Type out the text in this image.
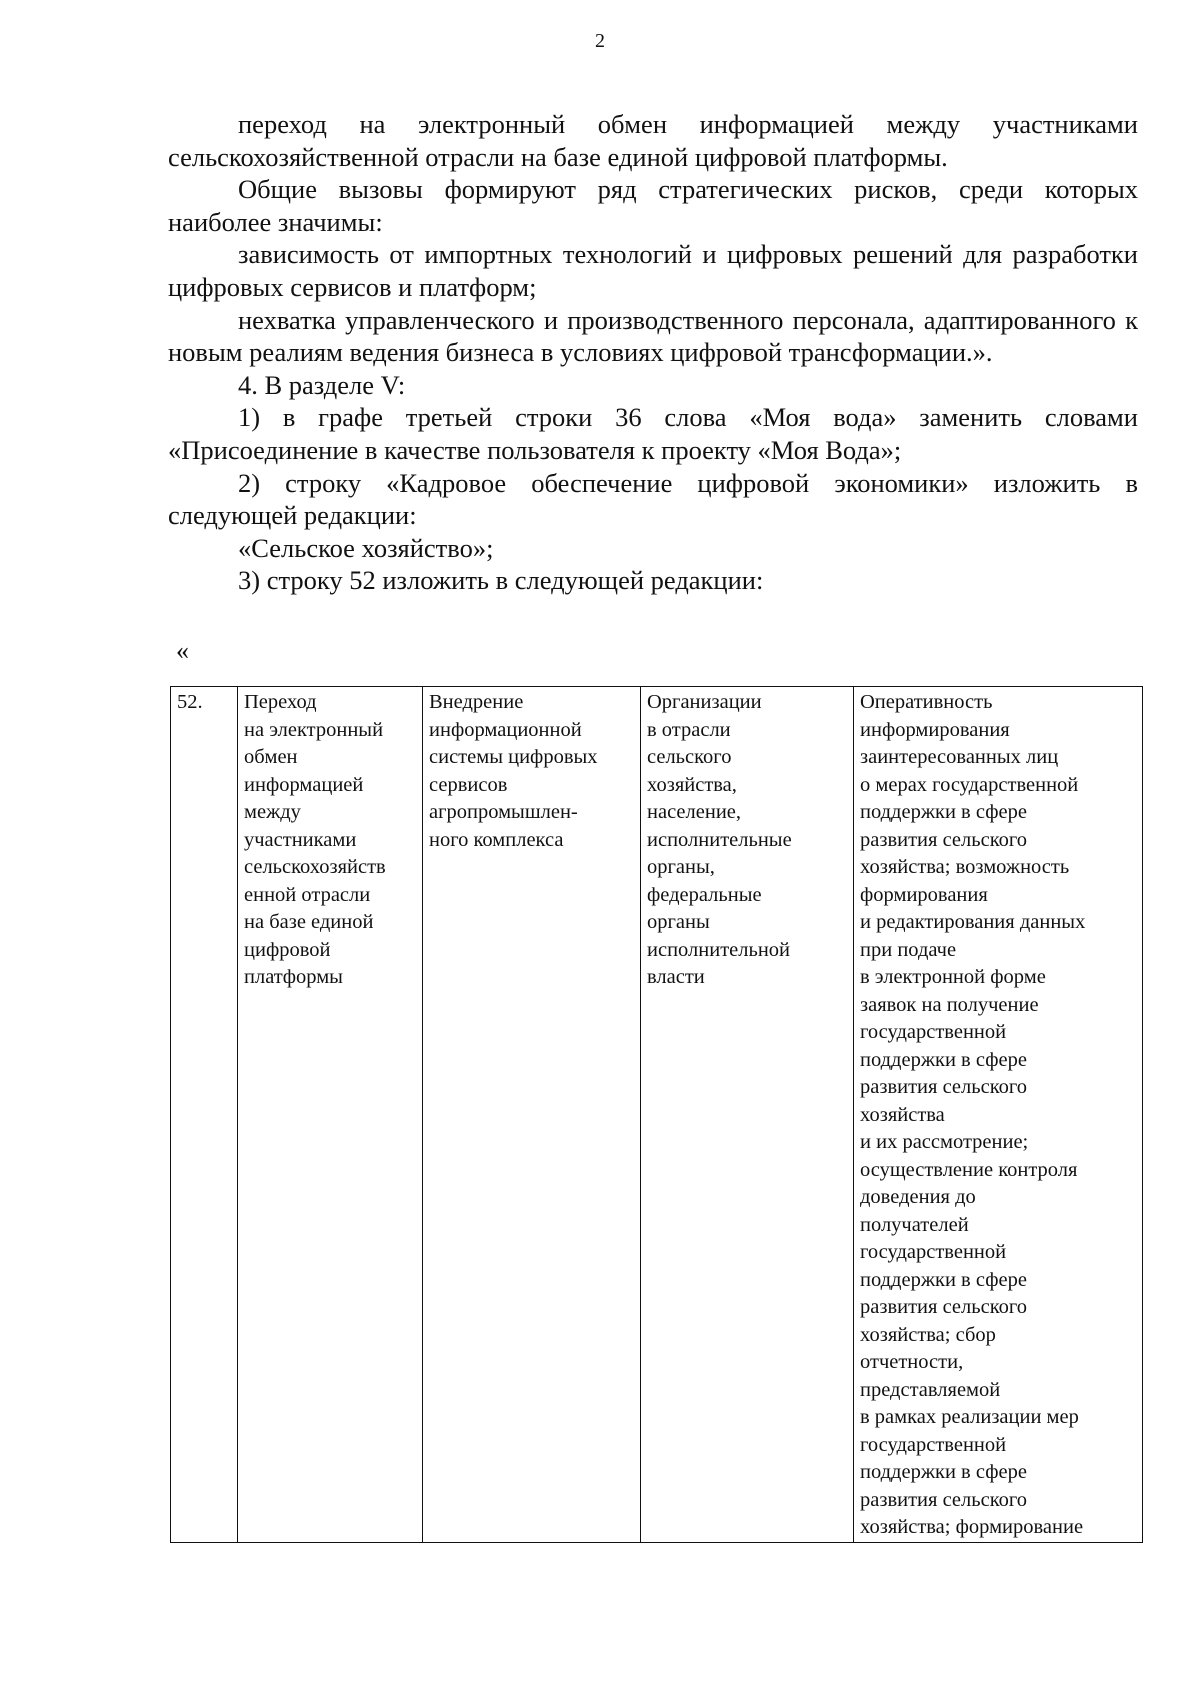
2

переход на электронный обмен информацией между участниками сельскохозяйственной отрасли на базе единой цифровой платформы.

Общие вызовы формируют ряд стратегических рисков, среди которых наиболее значимы:

зависимость от импортных технологий и цифровых решений для разработки цифровых сервисов и платформ;

нехватка управленческого и производственного персонала, адаптированного к новым реалиям ведения бизнеса в условиях цифровой трансформации.».

4. В разделе V:

1) в графе третьей строки 36 слова «Моя вода» заменить словами «Присоединение в качестве пользователя к проекту «Моя Вода»;

2) строку «Кадровое обеспечение цифровой экономики» изложить в следующей редакции:

«Сельское хозяйство»;

3) строку 52 изложить в следующей редакции:

«
52.	Переход
на электронный
обмен
информацией
между
участниками
сельскохозяйств
енной отрасли
на базе единой
цифровой
платформы	Внедрение
информационной
системы цифровых
сервисов
агропромышлен-
ного комплекса	Организации
в отрасли
сельского
хозяйства,
население,
исполнительные
органы,
федеральные
органы
исполнительной
власти	Оперативность
информирования
заинтересованных лиц
о мерах государственной
поддержки в сфере
развития сельского
хозяйства; возможность
формирования
и редактирования данных
при подаче
в электронной форме
заявок на получение
государственной
поддержки в сфере
развития сельского
хозяйства
и их рассмотрение;
осуществление контроля
доведения до
получателей
государственной
поддержки в сфере
развития сельского
хозяйства; сбор
отчетности,
представляемой
в рамках реализации мер
государственной
поддержки в сфере
развития сельского
хозяйства; формирование
